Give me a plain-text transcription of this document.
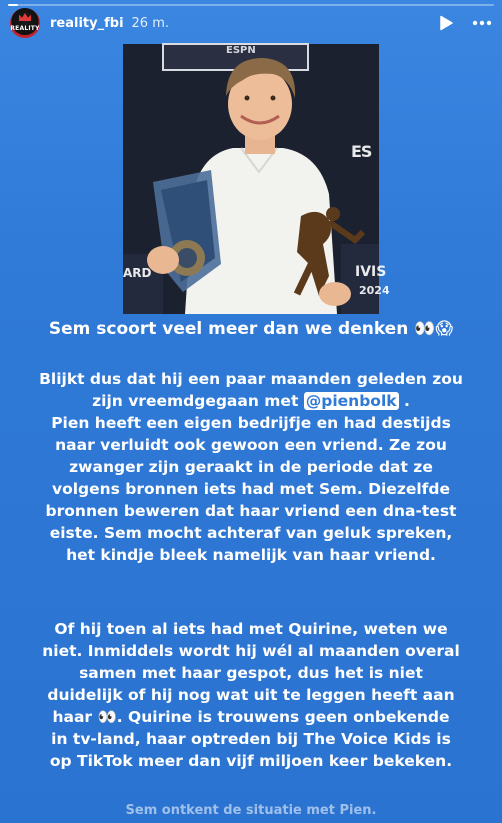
REALITY reality_fbi 26 m.
ESPN
ES
IVIS
2024
ARD
Sem scoort veel meer dan we denken 👀😱
Blijkt dus dat hij een paar maanden geleden zou
zijn vreemdgegaan met @pienbolk .
Pien heeft een eigen bedrijfje en had destijds
naar verluidt ook gewoon een vriend. Ze zou
zwanger zijn geraakt in de periode dat ze
volgens bronnen iets had met Sem. Diezelfde
bronnen beweren dat haar vriend een dna-test
eiste. Sem mocht achteraf van geluk spreken,
het kindje bleek namelijk van haar vriend.
Of hij toen al iets had met Quirine, weten we
niet. Inmiddels wordt hij wél al maanden overal
samen met haar gespot, dus het is niet
duidelijk of hij nog wat uit te leggen heeft aan
haar 👀. Quirine is trouwens geen onbekende
in tv-land, haar optreden bij The Voice Kids is
op TikTok meer dan vijf miljoen keer bekeken.
Sem ontkent de situatie met Pien.
